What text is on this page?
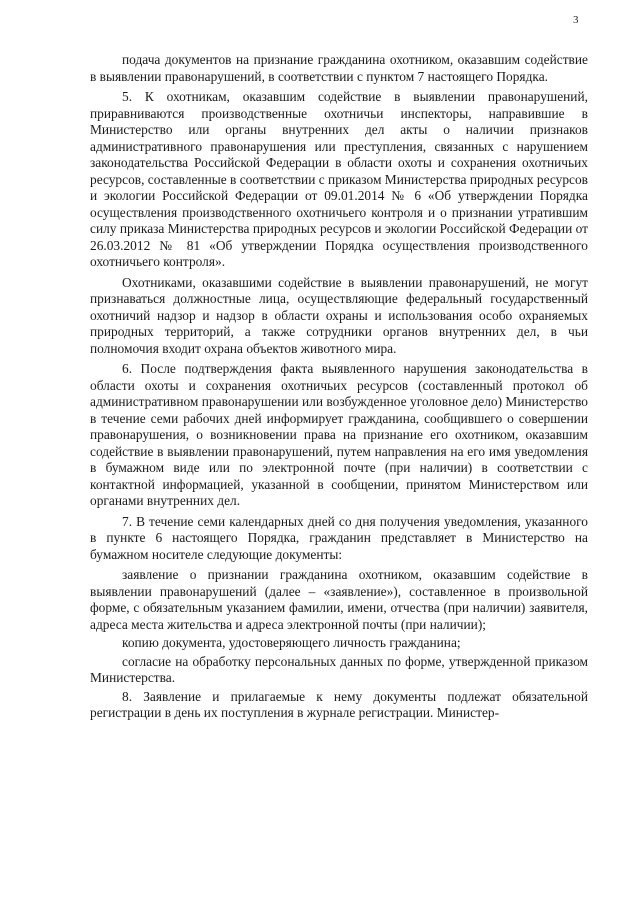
3

подача документов на признание гражданина охотником, оказавшим содействие в выявлении правонарушений, в соответствии с пунктом 7 настоящего Порядка.

5. К охотникам, оказавшим содействие в выявлении правонарушений, приравниваются производственные охотничьи инспекторы, направившие в Министерство или органы внутренних дел акты о наличии признаков административного правонарушения или преступления, связанных с нарушением законодательства Российской Федерации в области охоты и сохранения охотничьих ресурсов, составленные в соответствии с приказом Министерства природных ресурсов и экологии Российской Федерации от 09.01.2014 № 6 «Об утверждении Порядка осуществления производственного охотничьего контроля и о признании утратившим силу приказа Министерства природных ресурсов и экологии Российской Федерации от 26.03.2012 № 81 «Об утверждении Порядка осуществления производственного охотничьего контроля».

Охотниками, оказавшими содействие в выявлении правонарушений, не могут признаваться должностные лица, осуществляющие федеральный государственный охотничий надзор и надзор в области охраны и использования особо охраняемых природных территорий, а также сотрудники органов внутренних дел, в чьи полномочия входит охрана объектов животного мира.

6. После подтверждения факта выявленного нарушения законодательства в области охоты и сохранения охотничьих ресурсов (составленный протокол об административном правонарушении или возбужденное уголовное дело) Министерство в течение семи рабочих дней информирует гражданина, сообщившего о совершении правонарушения, о возникновении права на признание его охотником, оказавшим содействие в выявлении правонарушений, путем направления на его имя уведомления в бумажном виде или по электронной почте (при наличии) в соответствии с контактной информацией, указанной в сообщении, принятом Министерством или органами внутренних дел.

7. В течение семи календарных дней со дня получения уведомления, указанного в пункте 6 настоящего Порядка, гражданин представляет в Министерство на бумажном носителе следующие документы:

заявление о признании гражданина охотником, оказавшим содействие в выявлении правонарушений (далее – «заявление»), составленное в произвольной форме, с обязательным указанием фамилии, имени, отчества (при наличии) заявителя, адреса места жительства и адреса электронной почты (при наличии);

копию документа, удостоверяющего личность гражданина;

согласие на обработку персональных данных по форме, утвержденной приказом Министерства.

8. Заявление и прилагаемые к нему документы подлежат обязательной регистрации в день их поступления в журнале регистрации. Министер-
